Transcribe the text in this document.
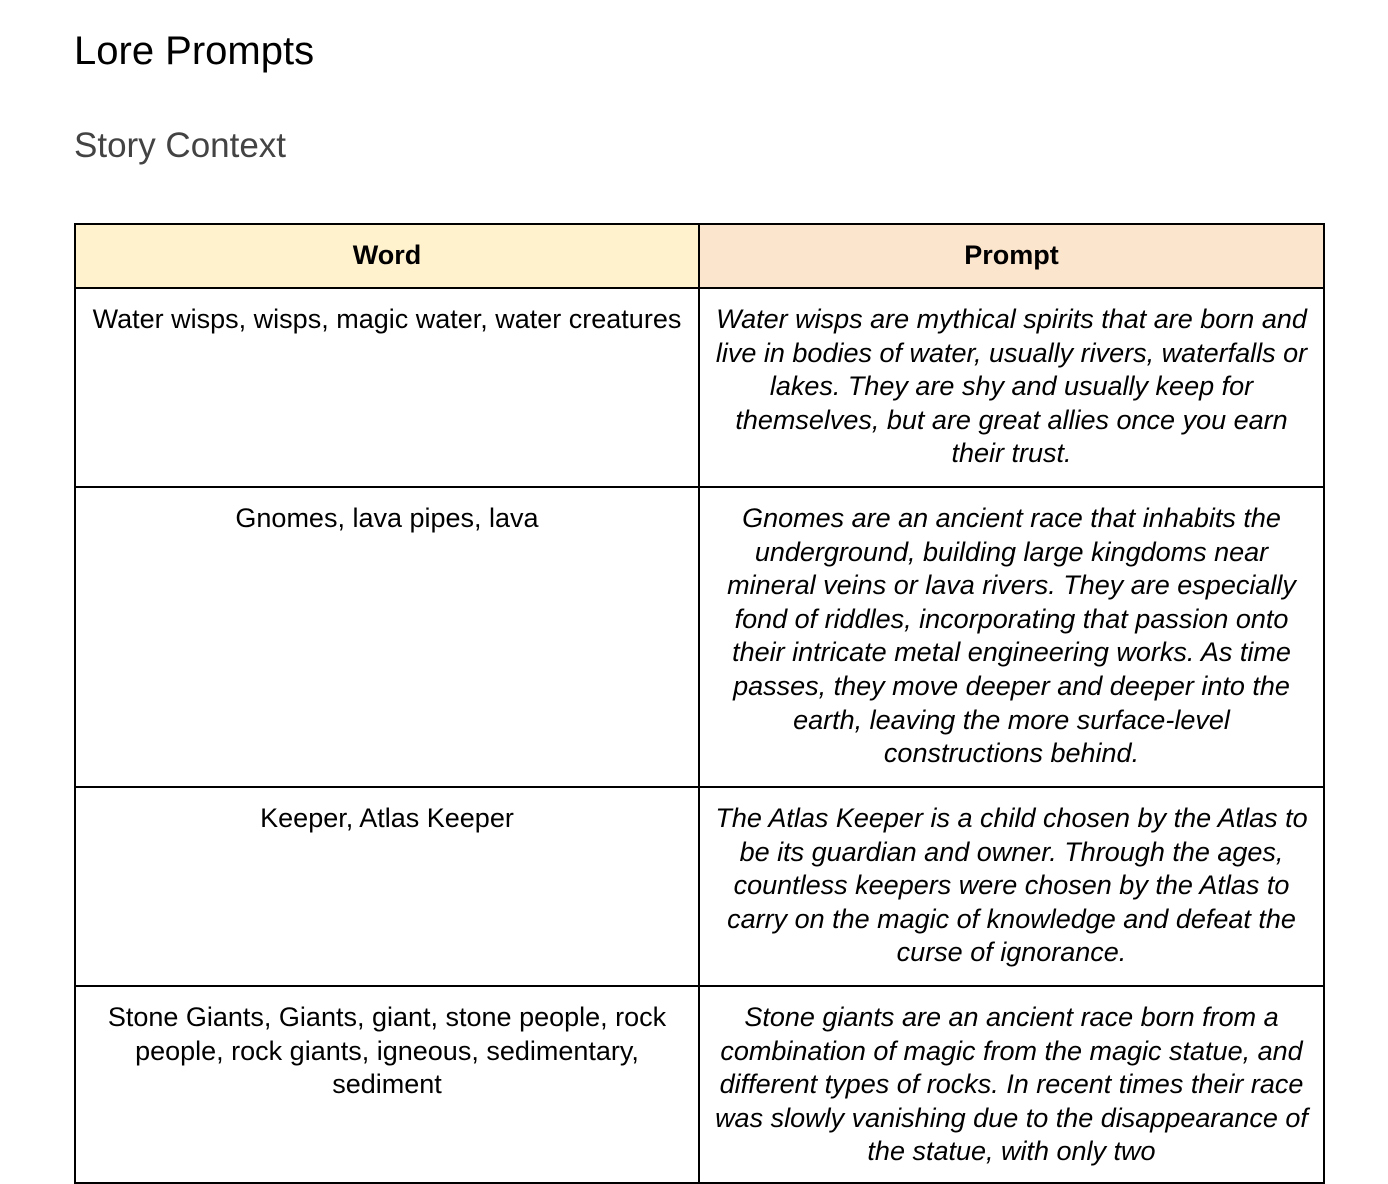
Lore Prompts
Story Context
Word	Prompt
Water wisps, wisps, magic water, water creatures	Water wisps are mythical spirits that are born and live in bodies of water, usually rivers, waterfalls or lakes. They are shy and usually keep for themselves, but are great allies once you earn their trust.
Gnomes, lava pipes, lava	Gnomes are an ancient race that inhabits the underground, building large kingdoms near mineral veins or lava rivers. They are especially fond of riddles, incorporating that passion onto their intricate metal engineering works. As time passes, they move deeper and deeper into the earth, leaving the more surface-level constructions behind.
Keeper, Atlas Keeper	The Atlas Keeper is a child chosen by the Atlas to be its guardian and owner. Through the ages, countless keepers were chosen by the Atlas to carry on the magic of knowledge and defeat the curse of ignorance.
Stone Giants, Giants, giant, stone people, rock people, rock giants, igneous, sedimentary, sediment	Stone giants are an ancient race born from a combination of magic from the magic statue, and different types of rocks. In recent times their race was slowly vanishing due to the disappearance of the statue, with only two
